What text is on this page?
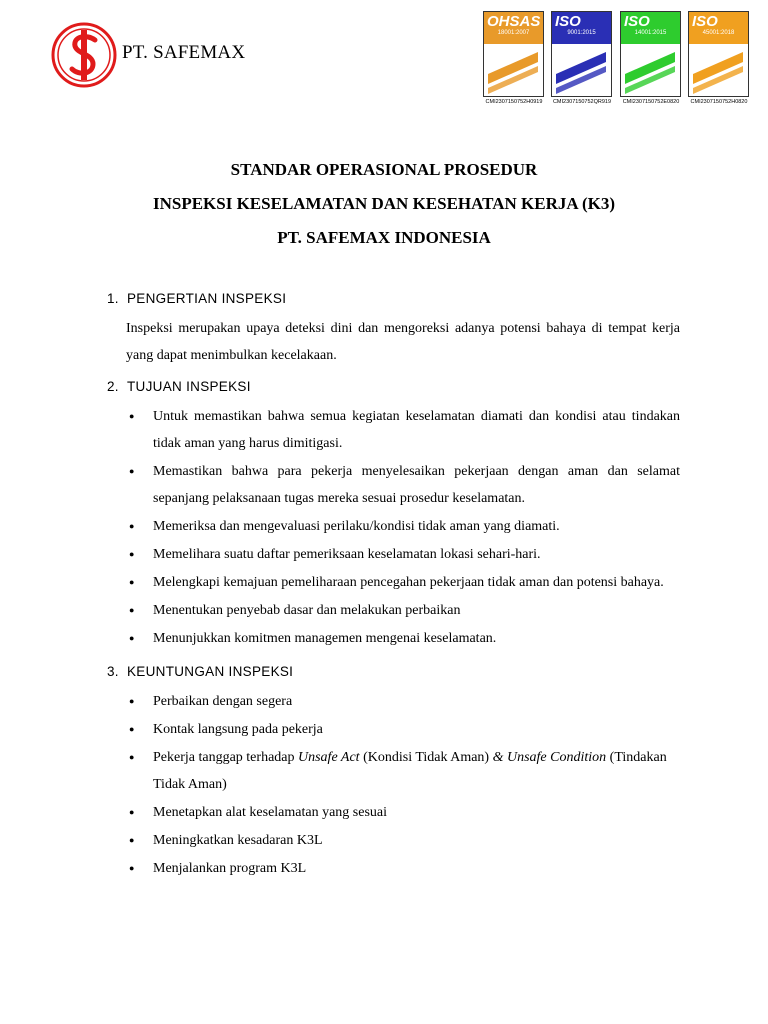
PT. SAFEMAX
OHSAS
18001:2007
CMI2307150752H0919
ISO
9001:2015
CMI2307150752QR919
ISO
14001:2015
CMI2307150752E0820
ISO
45001:2018
CMI2307150752H0820
STANDAR OPERASIONAL PROSEDUR
INSPEKSI KESELAMATAN DAN KESEHATAN KERJA (K3)
PT. SAFEMAX INDONESIA
1. PENGERTIAN INSPEKSI
Inspeksi merupakan upaya deteksi dini dan mengoreksi adanya potensi bahaya di tempat kerja yang dapat menimbulkan kecelakaan.
2. TUJUAN INSPEKSI
● Untuk memastikan bahwa semua kegiatan keselamatan diamati dan kondisi atau tindakan tidak aman yang harus dimitigasi.
● Memastikan bahwa para pekerja menyelesaikan pekerjaan dengan aman dan selamat sepanjang pelaksanaan tugas mereka sesuai prosedur keselamatan.
● Memeriksa dan mengevaluasi perilaku/kondisi tidak aman yang diamati.
● Memelihara suatu daftar pemeriksaan keselamatan lokasi sehari-hari.
● Melengkapi kemajuan pemeliharaan pencegahan pekerjaan tidak aman dan potensi bahaya.
● Menentukan penyebab dasar dan melakukan perbaikan
● Menunjukkan komitmen managemen mengenai keselamatan.
3. KEUNTUNGAN INSPEKSI
● Perbaikan dengan segera
● Kontak langsung pada pekerja
● Pekerja tanggap terhadap Unsafe Act (Kondisi Tidak Aman) & Unsafe Condition (Tindakan Tidak Aman)
● Menetapkan alat keselamatan yang sesuai
● Meningkatkan kesadaran K3L
● Menjalankan program K3L
